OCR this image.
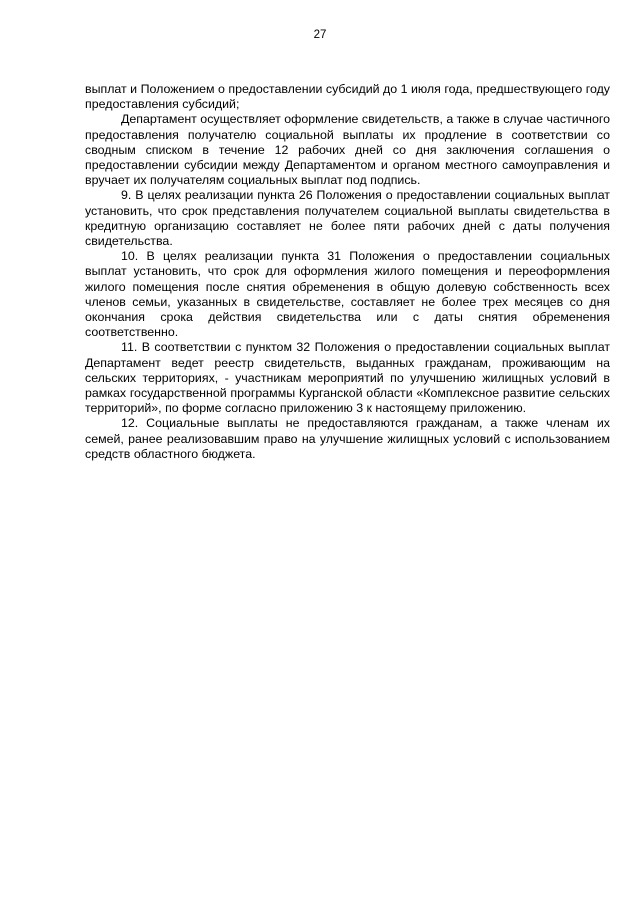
27

выплат и Положением о предоставлении субсидий до 1 июля года, предшествующего году предоставления субсидий;

Департамент осуществляет оформление свидетельств, а также в случае частичного предоставления получателю социальной выплаты их продление в соответствии со сводным списком в течение 12 рабочих дней со дня заключения соглашения о предоставлении субсидии между Департаментом и органом местного самоуправления и вручает их получателям социальных выплат под подпись.

9. В целях реализации пункта 26 Положения о предоставлении социальных выплат установить, что срок представления получателем социальной выплаты свидетельства в кредитную организацию составляет не более пяти рабочих дней с даты получения свидетельства.

10. В целях реализации пункта 31 Положения о предоставлении социальных выплат установить, что срок для оформления жилого помещения и переоформления жилого помещения после снятия обременения в общую долевую собственность всех членов семьи, указанных в свидетельстве, составляет не более трех месяцев со дня окончания срока действия свидетельства или с даты снятия обременения соответственно.

11. В соответствии с пунктом 32 Положения о предоставлении социальных выплат Департамент ведет реестр свидетельств, выданных гражданам, проживающим на сельских территориях, - участникам мероприятий по улучшению жилищных условий в рамках государственной программы Курганской области «Комплексное развитие сельских территорий», по форме согласно приложению 3 к настоящему приложению.

12. Социальные выплаты не предоставляются гражданам, а также членам их семей, ранее реализовавшим право на улучшение жилищных условий с использованием средств областного бюджета.
